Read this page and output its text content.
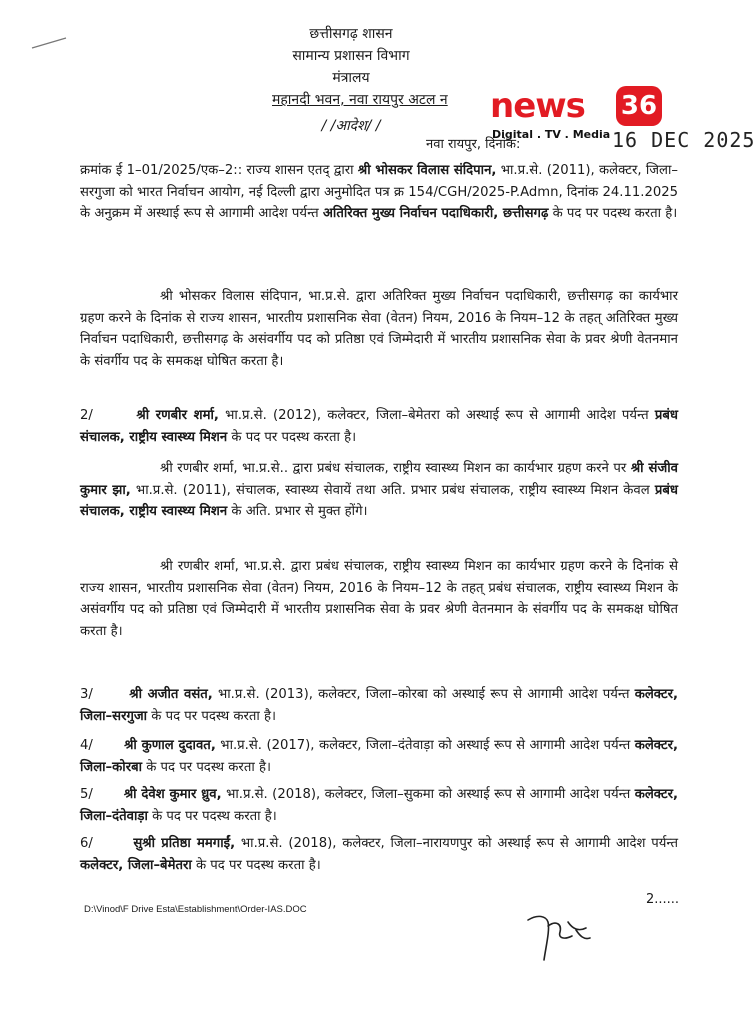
छत्तीसगढ़ शासन
सामान्य प्रशासन विभाग
मंत्रालय
महानदी भवन, नवा रायपुर अटल न
/ /आदेश/ /	news 36
Digital . TV . Media
नवा रायपुर, दिनांक:	16 DEC 2025
क्रमांक ई 1–01/2025/एक–2:: राज्य शासन एतद् द्वारा श्री भोसकर विलास संदिपान, भा.प्र.से. (2011), कलेक्टर, जिला–सरगुजा को भारत निर्वाचन आयोग, नई दिल्ली द्वारा अनुमोदित पत्र क्र 154/CGH/2025-P.Admn, दिनांक 24.11.2025 के अनुक्रम में अस्थाई रूप से आगामी आदेश पर्यन्त अतिरिक्त मुख्य निर्वाचन पदाधिकारी, छत्तीसगढ़ के पद पर पदस्थ करता है।
श्री भोसकर विलास संदिपान, भा.प्र.से. द्वारा अतिरिक्त मुख्य निर्वाचन पदाधिकारी, छत्तीसगढ़ का कार्यभार ग्रहण करने के दिनांक से राज्य शासन, भारतीय प्रशासनिक सेवा (वेतन) नियम, 2016 के नियम–12 के तहत् अतिरिक्त मुख्य निर्वाचन पदाधिकारी, छत्तीसगढ़ के असंवर्गीय पद को प्रतिष्ठा एवं जिम्मेदारी में भारतीय प्रशासनिक सेवा के प्रवर श्रेणी वेतनमान के संवर्गीय पद के समकक्ष घोषित करता है।
2/	श्री रणबीर शर्मा, भा.प्र.से. (2012), कलेक्टर, जिला–बेमेतरा को अस्थाई रूप से आगामी आदेश पर्यन्त प्रबंध संचालक, राष्ट्रीय स्वास्थ्य मिशन के पद पर पदस्थ करता है।
श्री रणबीर शर्मा, भा.प्र.से.. द्वारा प्रबंध संचालक, राष्ट्रीय स्वास्थ्य मिशन का कार्यभार ग्रहण करने पर श्री संजीव कुमार झा, भा.प्र.से. (2011), संचालक, स्वास्थ्य सेवायें तथा अति. प्रभार प्रबंध संचालक, राष्ट्रीय स्वास्थ्य मिशन केवल प्रबंध संचालक, राष्ट्रीय स्वास्थ्य मिशन के अति. प्रभार से मुक्त होंगे।
श्री रणबीर शर्मा, भा.प्र.से. द्वारा प्रबंध संचालक, राष्ट्रीय स्वास्थ्य मिशन का कार्यभार ग्रहण करने के दिनांक से राज्य शासन, भारतीय प्रशासनिक सेवा (वेतन) नियम, 2016 के नियम–12 के तहत् प्रबंध संचालक, राष्ट्रीय स्वास्थ्य मिशन के असंवर्गीय पद को प्रतिष्ठा एवं जिम्मेदारी में भारतीय प्रशासनिक सेवा के प्रवर श्रेणी वेतनमान के संवर्गीय पद के समकक्ष घोषित करता है।
3/	श्री अजीत वसंत, भा.प्र.से. (2013), कलेक्टर, जिला–कोरबा को अस्थाई रूप से आगामी आदेश पर्यन्त कलेक्टर, जिला–सरगुजा के पद पर पदस्थ करता है।
4/ श्री कुणाल दुदावत, भा.प्र.से. (2017), कलेक्टर, जिला–दंतेवाड़ा को अस्थाई रूप से आगामी आदेश पर्यन्त कलेक्टर, जिला–कोरबा के पद पर पदस्थ करता है।
5/ श्री देवेश कुमार ध्रुव, भा.प्र.से. (2018), कलेक्टर, जिला–सुकमा को अस्थाई रूप से आगामी आदेश पर्यन्त कलेक्टर, जिला–दंतेवाड़ा के पद पर पदस्थ करता है।
6/	सुश्री प्रतिष्ठा ममगाईं, भा.प्र.से. (2018), कलेक्टर, जिला–नारायणपुर को अस्थाई रूप से आगामी आदेश पर्यन्त कलेक्टर, जिला–बेमेतरा के पद पर पदस्थ करता है।
2......
D:\Vinod\F Drive Esta\Establishment\Order-IAS.DOC
